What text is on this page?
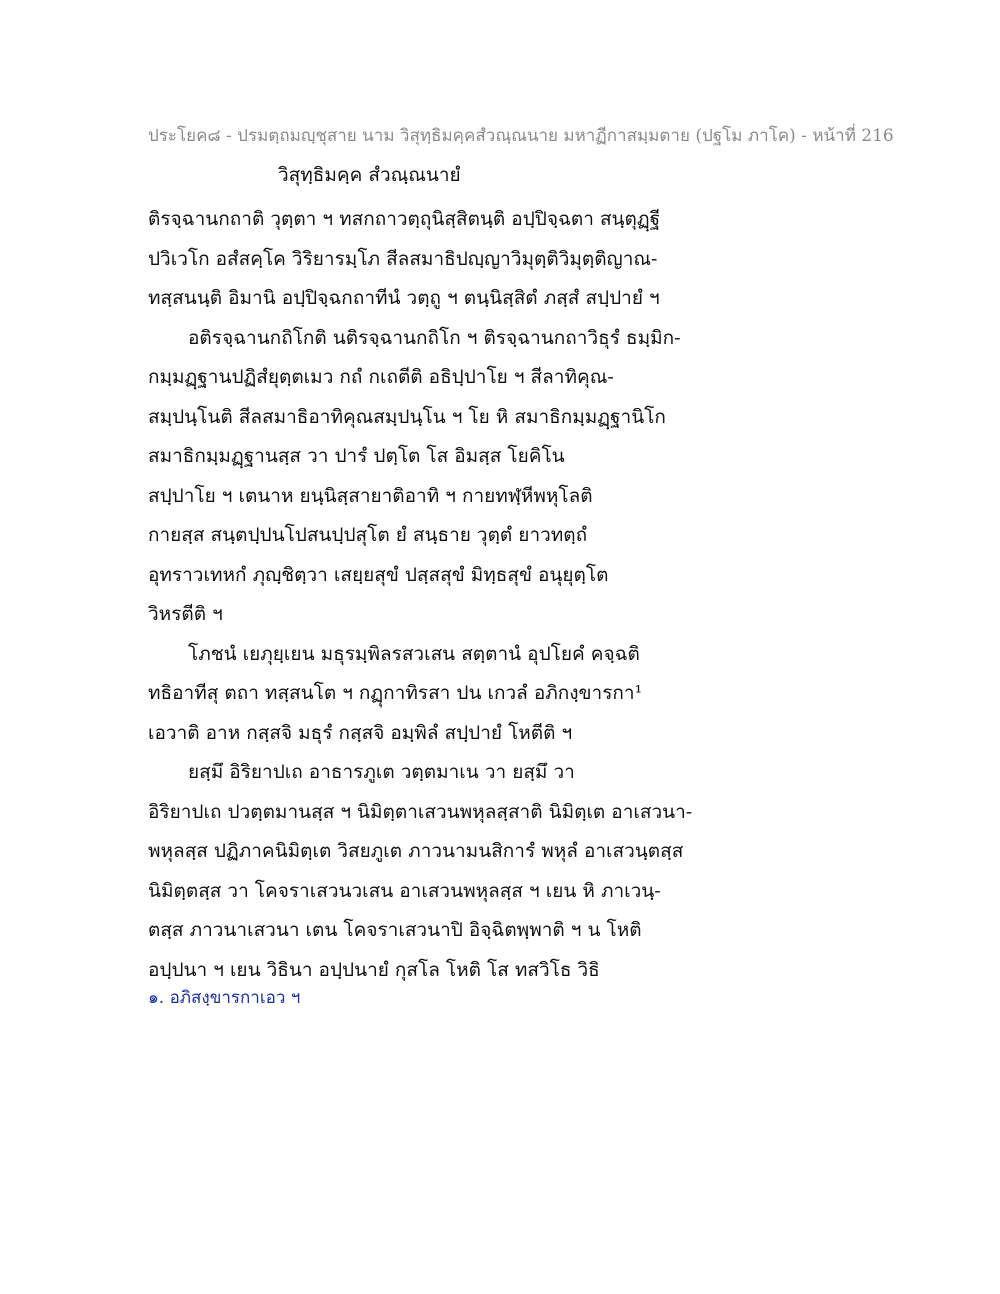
ประโยค๘ - ปรมตฺถมญฺชุสาย นาม วิสุทฺธิมคฺคสํวณฺณนาย มหาฏีกาสมฺมตาย (ปฐโม ภาโค) - หน้าที่ 216
วิสุทฺธิมคฺค สํวณฺณนายํ
ติรจฺฉานกถาติ วุตฺตา ฯ ทสกถาวตฺถุนิสฺสิตนฺติ อปฺปิจฺฉตา สนฺตุฏฺฐี
ปวิเวโก อสํสคฺโค วิริยารมฺโภ สีลสมาธิปญฺญาวิมุตฺติวิมุตฺติญาณ-
ทสฺสนนฺติ อิมานิ อปฺปิจฺฉกถาทีนํ วตฺถู ฯ ตนฺนิสฺสิตํ ภสฺสํ สปฺปายํ ฯ
อติรจฺฉานกถิโกติ นติรจฺฉานกถิโก ฯ ติรจฺฉานกถาวิธุรํ ธมฺมิก-
กมฺมฏฺฐานปฏิสํยุตฺตเมว กถํ กเถตีติ อธิปฺปาโย ฯ สีลาทิคุณ-
สมฺปนฺโนติ สีลสมาธิอาทิคุณสมฺปนฺโน ฯ โย หิ สมาธิกมฺมฏฺฐานิโก
สมาธิกมฺมฏฺฐานสฺส วา ปารํ ปตฺโต โส อิมสฺส โยคิโน
สปฺปาโย ฯ เตนาห ยนฺนิสฺสายาติอาทิ ฯ กายทฬฺหีพหุโลติ
กายสฺส สนฺตปฺปนโปสนปฺปสุโต ยํ สนฺธาย วุตฺตํ ยาวทตฺถํ
อุทราวเทหกํ ภุญฺชิตฺวา เสยฺยสุขํ ปสฺสสุขํ มิทฺธสุขํ อนุยุตฺโต
วิหรตีติ ฯ
โภชนํ เยภุยฺเยน มธุรมฺพิลรสวเสน สตฺตานํ อุปโยคํ คจฺฉติ
ทธิอาทีสุ ตถา ทสฺสนโต ฯ กฏุกาทิรสา ปน เกวลํ อภิกงฺขารกา¹
เอวาติ อาห กสฺสจิ มธุรํ กสฺสจิ อมฺพิลํ สปฺปายํ โหตีติ ฯ
ยสฺมึ อิริยาปเถ อาธารภูเต วตฺตมาเน วา ยสฺมึ วา
อิริยาปเถ ปวตฺตมานสฺส ฯ นิมิตฺตาเสวนพหุลสฺสาติ นิมิตฺเต อาเสวนา-
พหุลสฺส ปฏิภาคนิมิตฺเต วิสยภูเต ภาวนามนสิการํ พหุลํ อาเสวนฺตสฺส
นิมิตฺตสฺส วา โคจราเสวนวเสน อาเสวนพหุลสฺส ฯ เยน หิ ภาเวนฺ-
ตสฺส ภาวนาเสวนา เตน โคจราเสวนาปิ อิจฺฉิตพฺพาติ ฯ น โหติ
อปฺปนา ฯ เยน วิธินา อปฺปนายํ กุสโล โหติ โส ทสวิโธ วิธิ
๑. อภิสงฺขารกาเอว ฯ
